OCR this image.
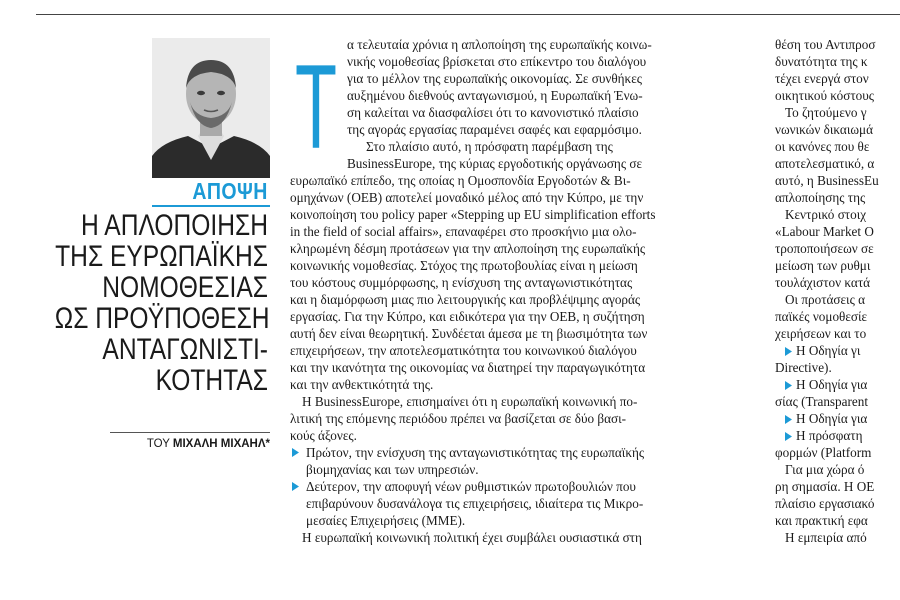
ΑΠΟΨΗ
Η ΑΠΛΟΠΟΙΗΣΗ
ΤΗΣ ΕΥΡΩΠΑΪΚΗΣ
ΝΟΜΟΘΕΣΙΑΣ
ΩΣ ΠΡΟΫΠΟΘΕΣΗ
ΑΝΤΑΓΩΝΙΣΤΙ-
ΚΟΤΗΤΑΣ
ΤΟΥ ΜΙΧΑΛΗ ΜΙΧΑΗΛ*
Τ α τελευταία χρόνια η απλοποίηση της ευρωπαϊκής κοινω-
νικής νομοθεσίας βρίσκεται στο επίκεντρο του διαλόγου
για το μέλλον της ευρωπαϊκής οικονομίας. Σε συνθήκες
αυξημένου διεθνούς ανταγωνισμού, η Ευρωπαϊκή Ένω-
ση καλείται να διασφαλίσει ότι το κανονιστικό πλαίσιο
της αγοράς εργασίας παραμένει σαφές και εφαρμόσιμο.
Στο πλαίσιο αυτό, η πρόσφατη παρέμβαση της
BusinessEurope, της κύριας εργοδοτικής οργάνωσης σε
ευρωπαϊκό επίπεδο, της οποίας η Ομοσπονδία Εργοδοτών & Βι-
ομηχάνων (ΟΕΒ) αποτελεί μοναδικό μέλος από την Κύπρο, με την
κοινοποίηση του policy paper «Stepping up EU simplification efforts
in the field of social affairs», επαναφέρει στο προσκήνιο μια ολο-
κληρωμένη δέσμη προτάσεων για την απλοποίηση της ευρωπαϊκής
κοινωνικής νομοθεσίας. Στόχος της πρωτοβουλίας είναι η μείωση
του κόστους συμμόρφωσης, η ενίσχυση της ανταγωνιστικότητας
και η διαμόρφωση μιας πιο λειτουργικής και προβλέψιμης αγοράς
εργασίας. Για την Κύπρο, και ειδικότερα για την ΟΕΒ, η συζήτηση
αυτή δεν είναι θεωρητική. Συνδέεται άμεσα με τη βιωσιμότητα των
επιχειρήσεων, την αποτελεσματικότητα του κοινωνικού διαλόγου
και την ικανότητα της οικονομίας να διατηρεί την παραγωγικότητα
και την ανθεκτικότητά της.
Η BusinessEurope, επισημαίνει ότι η ευρωπαϊκή κοινωνική πο-
λιτική της επόμενης περιόδου πρέπει να βασίζεται σε δύο βασι-
κούς άξονες.
Πρώτον, την ενίσχυση της ανταγωνιστικότητας της ευρωπαϊκής
βιομηχανίας και των υπηρεσιών.
Δεύτερον, την αποφυγή νέων ρυθμιστικών πρωτοβουλιών που
επιβαρύνουν δυσανάλογα τις επιχειρήσεις, ιδιαίτερα τις Μικρο-
μεσαίες Επιχειρήσεις (ΜΜΕ).
Η ευρωπαϊκή κοινωνική πολιτική έχει συμβάλει ουσιαστικά στη
θέση του Αντιπροσ
δυνατότητα της κ
τέχει ενεργά στον
οικητικού κόστους
Το ζητούμενο γ
νωνικών δικαιωμά
οι κανόνες που θε
αποτελεσματικό, α
αυτό, η BusinessEu
απλοποίησης της
Κεντρικό στοιχ
«Labour Market O
τροποποιήσεων σε
μείωση των ρυθμι
τουλάχιστον κατά
Οι προτάσεις α
παϊκές νομοθεσίε
χειρήσεων και το
Η Οδηγία γι
Directive).
Η Οδηγία για
σίας (Transparent
Η Οδηγία για
Η πρόσφατη
φορμών (Platform
Για μια χώρα ό
ρη σημασία. Η ΟΕ
πλαίσιο εργασιακό
και πρακτική εφα
Η εμπειρία από
